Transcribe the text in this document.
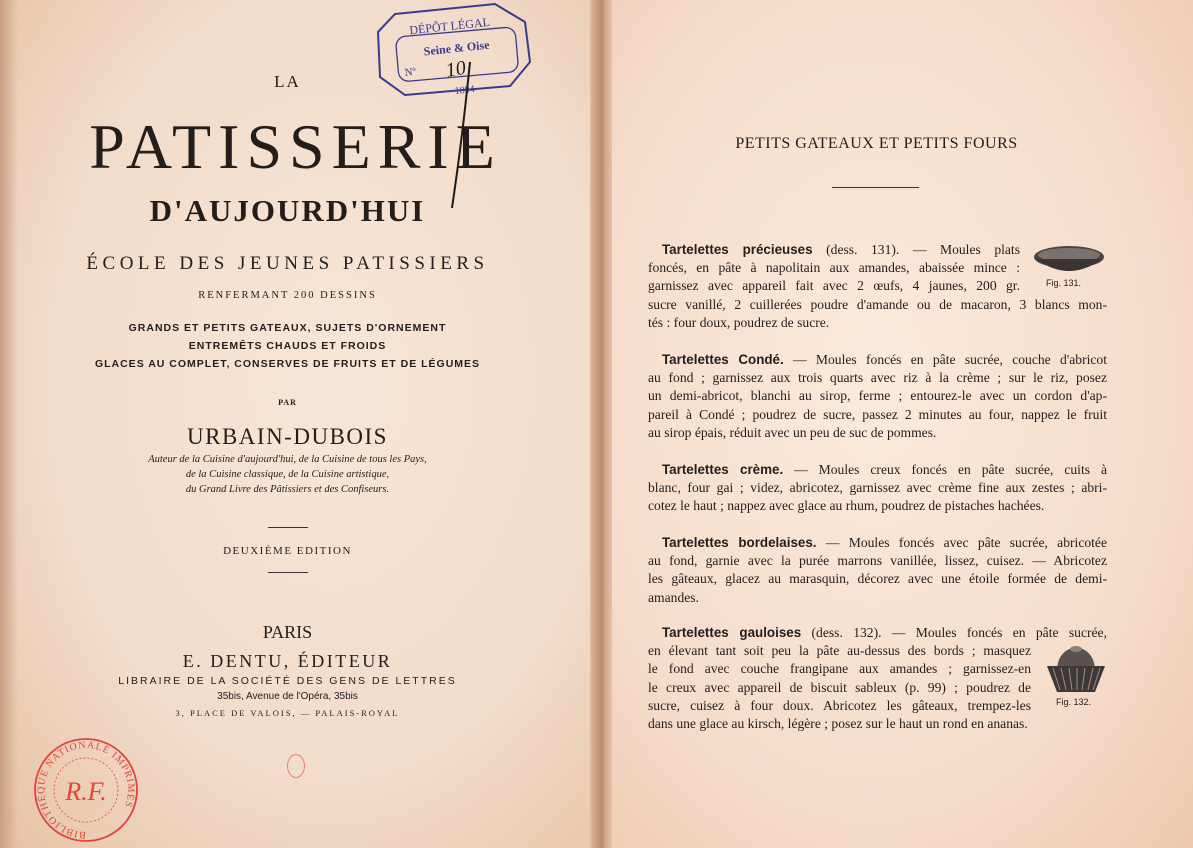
LA
PATISSERIE
D'AUJOURD'HUI
ÉCOLE DES JEUNES PATISSIERS
RENFERMANT 200 DESSINS
GRANDS ET PETITS GATEAUX, SUJETS D'ORNEMENT
ENTREMÊTS CHAUDS ET FROIDS
GLACES AU COMPLET, CONSERVES DE FRUITS ET DE LÉGUMES
PAR
URBAIN-DUBOIS
Auteur de la Cuisine d'aujourd'hui, de la Cuisine de tous les Pays,
de la Cuisine classique, de la Cuisine artistique,
du Grand Livre des Pâtissiers et des Confiseurs.
DEUXIÈME EDITION
PARIS
E. DENTU, ÉDITEUR
LIBRAIRE DE LA SOCIÉTÉ DES GENS DE LETTRES
35bis, Avenue de l'Opéra, 35bis
3, PLACE DE VALOIS, — PALAIS-ROYAL
DÉPÔT LÉGAL
Seine & Oise
Nº
1894
10
BIBLIOTHÈQUE NATIONALE IMPRIMÉS
R.F.
PETITS GATEAUX ET PETITS FOURS
Tartelettes précieuses (dess. 131). — Moules plats
foncés, en pâte à napolitain aux amandes, abaissée mince :
garnissez avec appareil fait avec 2 œufs, 4 jaunes, 200 gr.
sucre vanillé, 2 cuillerées poudre d'amande ou de macaron, 3 blancs mon-
tés : four doux, poudrez de sucre.
Fig. 131.
Tartelettes Condé. — Moules foncés en pâte sucrée, couche d'abricot
au fond ; garnissez aux trois quarts avec riz à la crème ; sur le riz, posez
un demi-abricot, blanchi au sirop, ferme ; entourez-le avec un cordon d'ap-
pareil à Condé ; poudrez de sucre, passez 2 minutes au four, nappez le fruit
au sirop épais, réduit avec un peu de suc de pommes.
Tartelettes crème. — Moules creux foncés en pâte sucrée, cuits à
blanc, four gai ; videz, abricotez, garnissez avec crème fine aux zestes ; abri-
cotez le haut ; nappez avec glace au rhum, poudrez de pistaches hachées.
Tartelettes bordelaises. — Moules foncés avec pâte sucrée, abricotée
au fond, garnie avec la purée marrons vanillée, lissez, cuisez. — Abricotez
les gâteaux, glacez au marasquin, décorez avec une étoile formée de demi-
amandes.
Tartelettes gauloises (dess. 132). — Moules foncés en pâte sucrée,
en élevant tant soit peu la pâte au-dessus des bords ; masquez
le fond avec couche frangipane aux amandes ; garnissez-en
le creux avec appareil de biscuit sableux (p. 99) ; poudrez de
sucre, cuisez à four doux. Abricotez les gâteaux, trempez-les
dans une glace au kirsch, légère ; posez sur le haut un rond en ananas.
Fig. 132.
